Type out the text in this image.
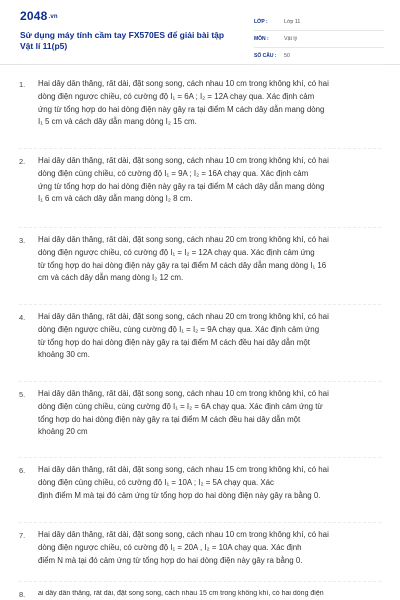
2048.vn
Sử dụng máy tính cầm tay FX570ES để giải bài tập Vật lí 11(p5)
LỚP :	Lớp 11
MÔN :	Vật lý
SỐ CÂU :	50
1.	Hai dây dẫn thẳng, rất dài, đặt song song, cách nhau 10 cm trong không khí, có hai
dòng điện ngược chiều, có cường độ I₁ = 6A ; I₂ = 12A chạy qua. Xác định cảm
ứng từ tổng hợp do hai dòng điện này gây ra tại điểm M cách dây dẫn mang dòng
I₁ 5 cm và cách dây dẫn mang dòng I₂ 15 cm.
2.	Hai dây dẫn thẳng, rất dài, đặt song song, cách nhau 10 cm trong không khí, có hai
dòng điện cùng chiều, có cường độ I₁ = 9A ; I₂ = 16A chạy qua. Xác định cảm
ứng từ tổng hợp do hai dòng điện này gây ra tại điểm M cách dây dẫn mang dòng
I₁ 6 cm và cách dây dẫn mang dòng I₂ 8 cm.
3.	Hai dây dẫn thẳng, rất dài, đặt song song, cách nhau 20 cm trong không khí, có hai
dòng điện ngược chiều, có cường độ I₁ = I₂ = 12A chạy qua. Xác định cảm ứng
từ tổng hợp do hai dòng điện này gây ra tại điểm M cách dây dẫn mang dòng I₁ 16
cm và cách dây dẫn mang dòng I₂ 12 cm.
4.	Hai dây dẫn thẳng, rất dài, đặt song song, cách nhau 20 cm trong không khí, có hai
dòng điện ngược chiều, cùng cường độ I₁ = I₂ = 9A chạy qua. Xác định cảm ứng
từ tổng hợp do hai dòng điện này gây ra tại điểm M cách đều hai dây dẫn một
khoảng 30 cm.
5.	Hai dây dẫn thẳng, rất dài, đặt song song, cách nhau 10 cm trong không khí, có hai
dòng điện cùng chiều, cùng cường độ I₁ = I₂ = 6A chạy qua. Xác định cảm ứng từ
tổng hợp do hai dòng điện này gây ra tại điểm M cách đều hai dây dẫn một
khoảng 20 cm
6.	Hai dây dẫn thẳng, rất dài, đặt song song, cách nhau 15 cm trong không khí, có hai
dòng điện cùng chiều, có cường độ I₁ = 10A ; I₂ = 5A chạy qua. Xác
định điểm M mà tại đó cảm ứng từ tổng hợp do hai dòng điện này gây ra bằng 0.
7.	Hai dây dẫn thẳng, rất dài, đặt song song, cách nhau 10 cm trong không khí, có hai
dòng điện ngược chiều, có cường độ I₁ = 20A , I₂ = 10A chạy qua. Xác định
điểm N mà tại đó cảm ứng từ tổng hợp do hai dòng điện này gây ra bằng 0.
8.	ai dây dẫn thẳng, rất dài, đặt song song, cách nhau 15 cm trong không khí, có hai dòng điện
